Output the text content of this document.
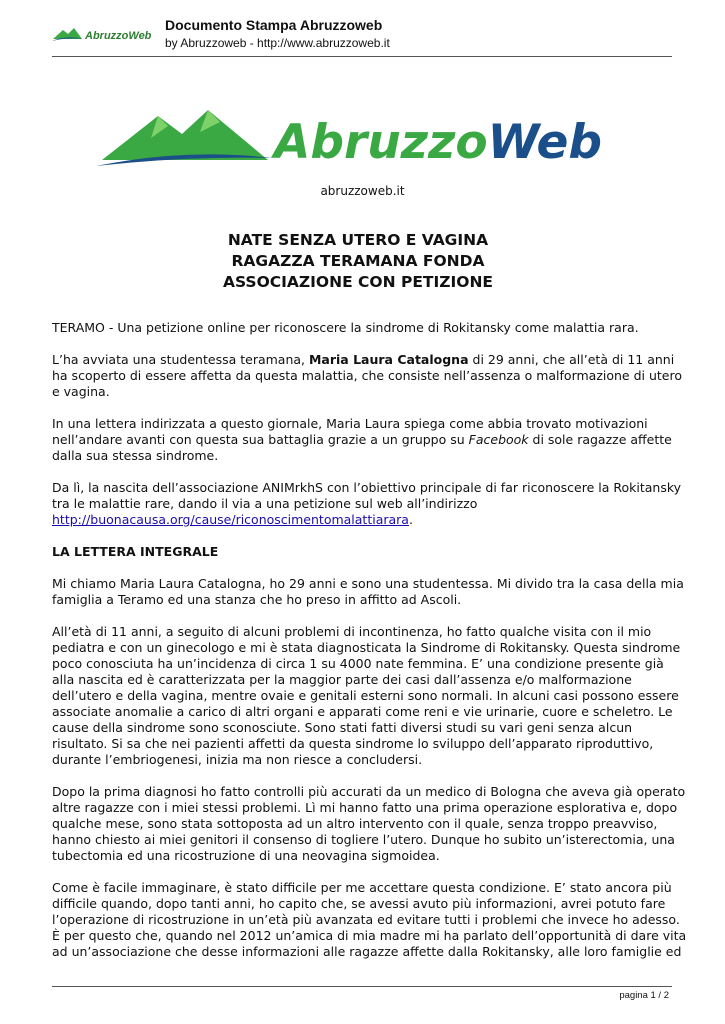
AbruzzoWeb
Documento Stampa Abruzzoweb
by Abruzzoweb - http://www.abruzzoweb.it
AbruzzoWeb
abruzzoweb.it
NATE SENZA UTERO E VAGINA
RAGAZZA TERAMANA FONDA
ASSOCIAZIONE CON PETIZIONE

TERAMO - Una petizione online per riconoscere la sindrome di Rokitansky come malattia rara.

L’ha avviata una studentessa teramana, Maria Laura Catalogna di 29 anni, che all’età di 11 anni
ha scoperto di essere affetta da questa malattia, che consiste nell’assenza o malformazione di utero
e vagina.

In una lettera indirizzata a questo giornale, Maria Laura spiega come abbia trovato motivazioni
nell’andare avanti con questa sua battaglia grazie a un gruppo su Facebook di sole ragazze affette
dalla sua stessa sindrome.

Da lì, la nascita dell’associazione ANIMrkhS con l’obiettivo principale di far riconoscere la Rokitansky
tra le malattie rare, dando il via a una petizione sul web all’indirizzo
http://buonacausa.org/cause/riconoscimentomalattiarara.

LA LETTERA INTEGRALE

Mi chiamo Maria Laura Catalogna, ho 29 anni e sono una studentessa. Mi divido tra la casa della mia
famiglia a Teramo ed una stanza che ho preso in affitto ad Ascoli.

All’età di 11 anni, a seguito di alcuni problemi di incontinenza, ho fatto qualche visita con il mio
pediatra e con un ginecologo e mi è stata diagnosticata la Sindrome di Rokitansky. Questa sindrome
poco conosciuta ha un’incidenza di circa 1 su 4000 nate femmina. E’ una condizione presente già
alla nascita ed è caratterizzata per la maggior parte dei casi dall’assenza e/o malformazione
dell’utero e della vagina, mentre ovaie e genitali esterni sono normali. In alcuni casi possono essere
associate anomalie a carico di altri organi e apparati come reni e vie urinarie, cuore e scheletro. Le
cause della sindrome sono sconosciute. Sono stati fatti diversi studi su vari geni senza alcun
risultato. Si sa che nei pazienti affetti da questa sindrome lo sviluppo dell’apparato riproduttivo,
durante l’embriogenesi, inizia ma non riesce a concludersi.

Dopo la prima diagnosi ho fatto controlli più accurati da un medico di Bologna che aveva già operato
altre ragazze con i miei stessi problemi. Lì mi hanno fatto una prima operazione esplorativa e, dopo
qualche mese, sono stata sottoposta ad un altro intervento con il quale, senza troppo preavviso,
hanno chiesto ai miei genitori il consenso di togliere l’utero. Dunque ho subito un’isterectomia, una
tubectomia ed una ricostruzione di una neovagina sigmoidea.

Come è facile immaginare, è stato difficile per me accettare questa condizione. E’ stato ancora più
difficile quando, dopo tanti anni, ho capito che, se avessi avuto più informazioni, avrei potuto fare
l’operazione di ricostruzione in un’età più avanzata ed evitare tutti i problemi che invece ho adesso.
È per questo che, quando nel 2012 un’amica di mia madre mi ha parlato dell’opportunità di dare vita
ad un’associazione che desse informazioni alle ragazze affette dalla Rokitansky, alle loro famiglie ed

pagina 1 / 2
